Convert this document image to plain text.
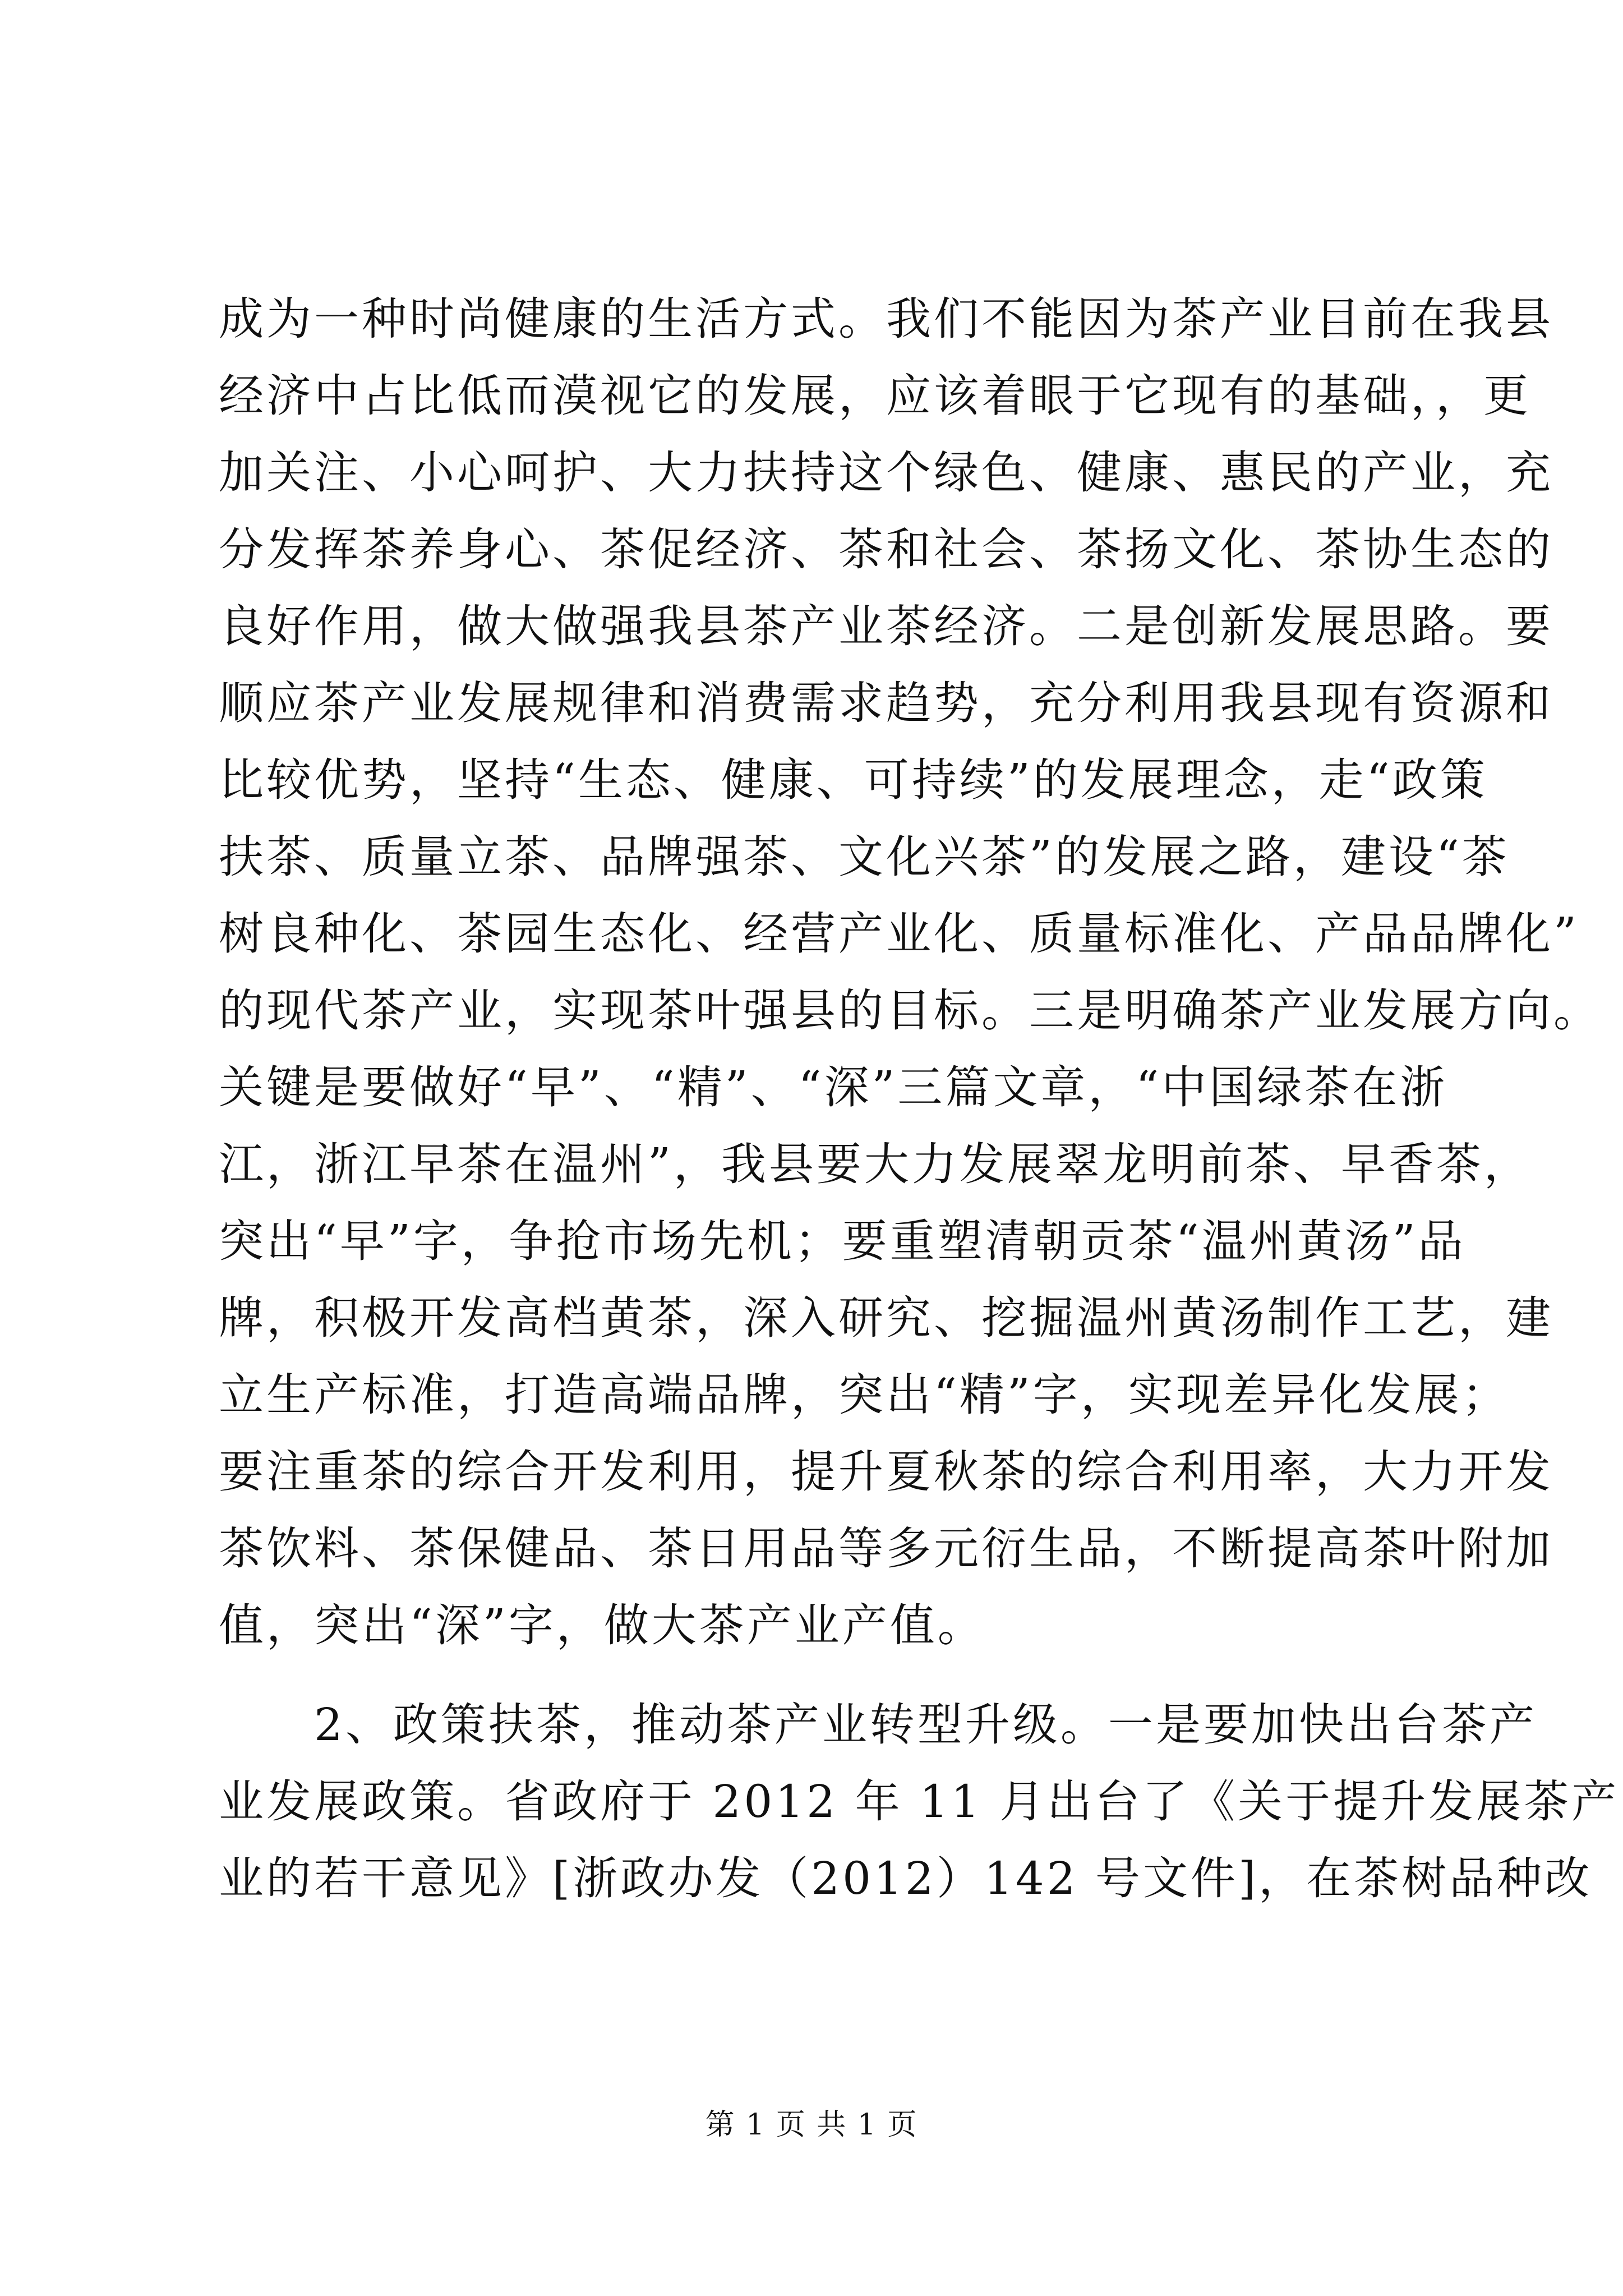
成为一种时尚健康的生活方式。我们不能因为茶产业目前在我县
经济中占比低而漠视它的发展，应该着眼于它现有的基础，，更
加关注、小心呵护、大力扶持这个绿色、健康、惠民的产业，充
分发挥茶养身心、茶促经济、茶和社会、茶扬文化、茶协生态的
良好作用，做大做强我县茶产业茶经济。二是创新发展思路。要
顺应茶产业发展规律和消费需求趋势，充分利用我县现有资源和
比较优势，坚持“生态、健康、可持续”的发展理念，走“政策
扶茶、质量立茶、品牌强茶、文化兴茶”的发展之路，建设“茶
树良种化、茶园生态化、经营产业化、质量标准化、产品品牌化”
的现代茶产业，实现茶叶强县的目标。三是明确茶产业发展方向。
关键是要做好“早”、“精”、“深”三篇文章，“中国绿茶在浙
江，浙江早茶在温州”，我县要大力发展翠龙明前茶、早香茶，
突出“早”字，争抢市场先机；要重塑清朝贡茶“温州黄汤”品
牌，积极开发高档黄茶，深入研究、挖掘温州黄汤制作工艺，建
立生产标准，打造高端品牌，突出“精”字，实现差异化发展；
要注重茶的综合开发利用，提升夏秋茶的综合利用率，大力开发
茶饮料、茶保健品、茶日用品等多元衍生品，不断提高茶叶附加
值，突出“深”字，做大茶产业产值。
　　2、政策扶茶，推动茶产业转型升级。一是要加快出台茶产
业发展政策。省政府于 2012 年 11 月出台了《关于提升发展茶产
业的若干意见》[浙政办发（2012）142 号文件]，在茶树品种改
第 1 页 共 1 页
